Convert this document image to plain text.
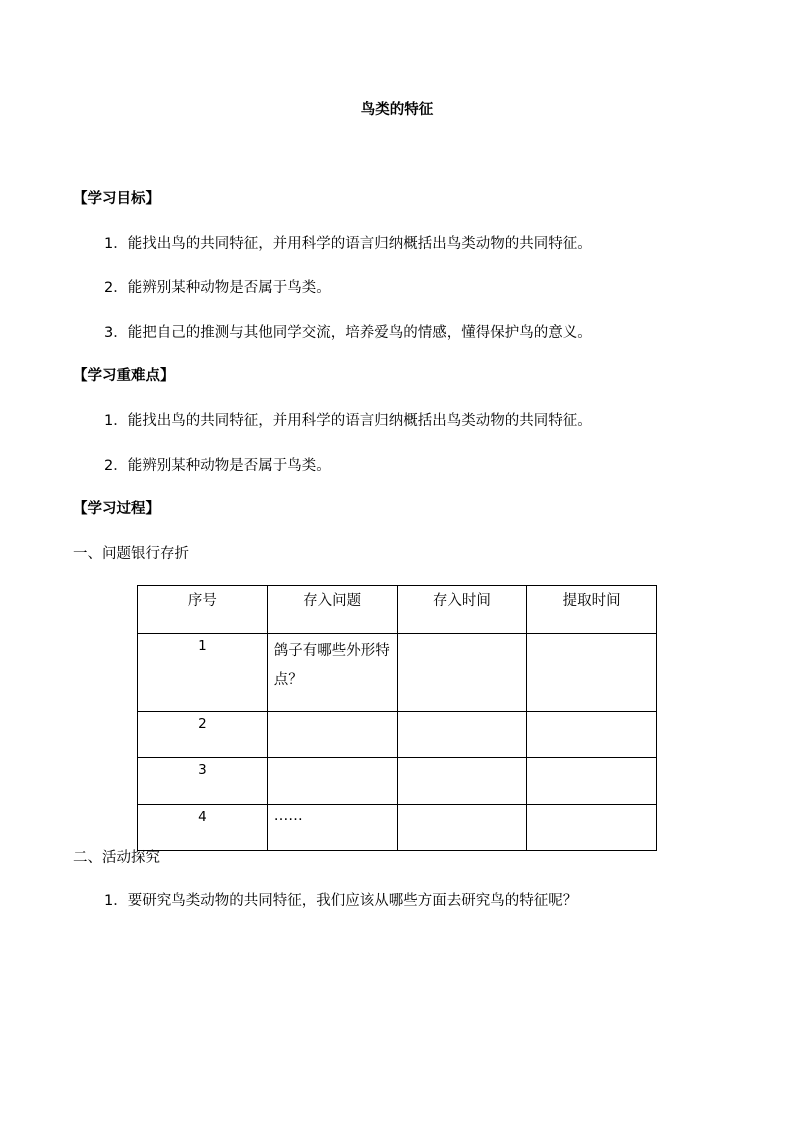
鸟类的特征
【学习目标】
1．能找出鸟的共同特征，并用科学的语言归纳概括出鸟类动物的共同特征。
2．能辨别某种动物是否属于鸟类。
3．能把自己的推测与其他同学交流，培养爱鸟的情感，懂得保护鸟的意义。
【学习重难点】
1．能找出鸟的共同特征，并用科学的语言归纳概括出鸟类动物的共同特征。
2．能辨别某种动物是否属于鸟类。
【学习过程】
一、问题银行存折
序号	存入问题	存入时间	提取时间
1	鸽子有哪些外形特点？		
2			
3			
4	……		
二、活动探究
1．要研究鸟类动物的共同特征，我们应该从哪些方面去研究鸟的特征呢？
